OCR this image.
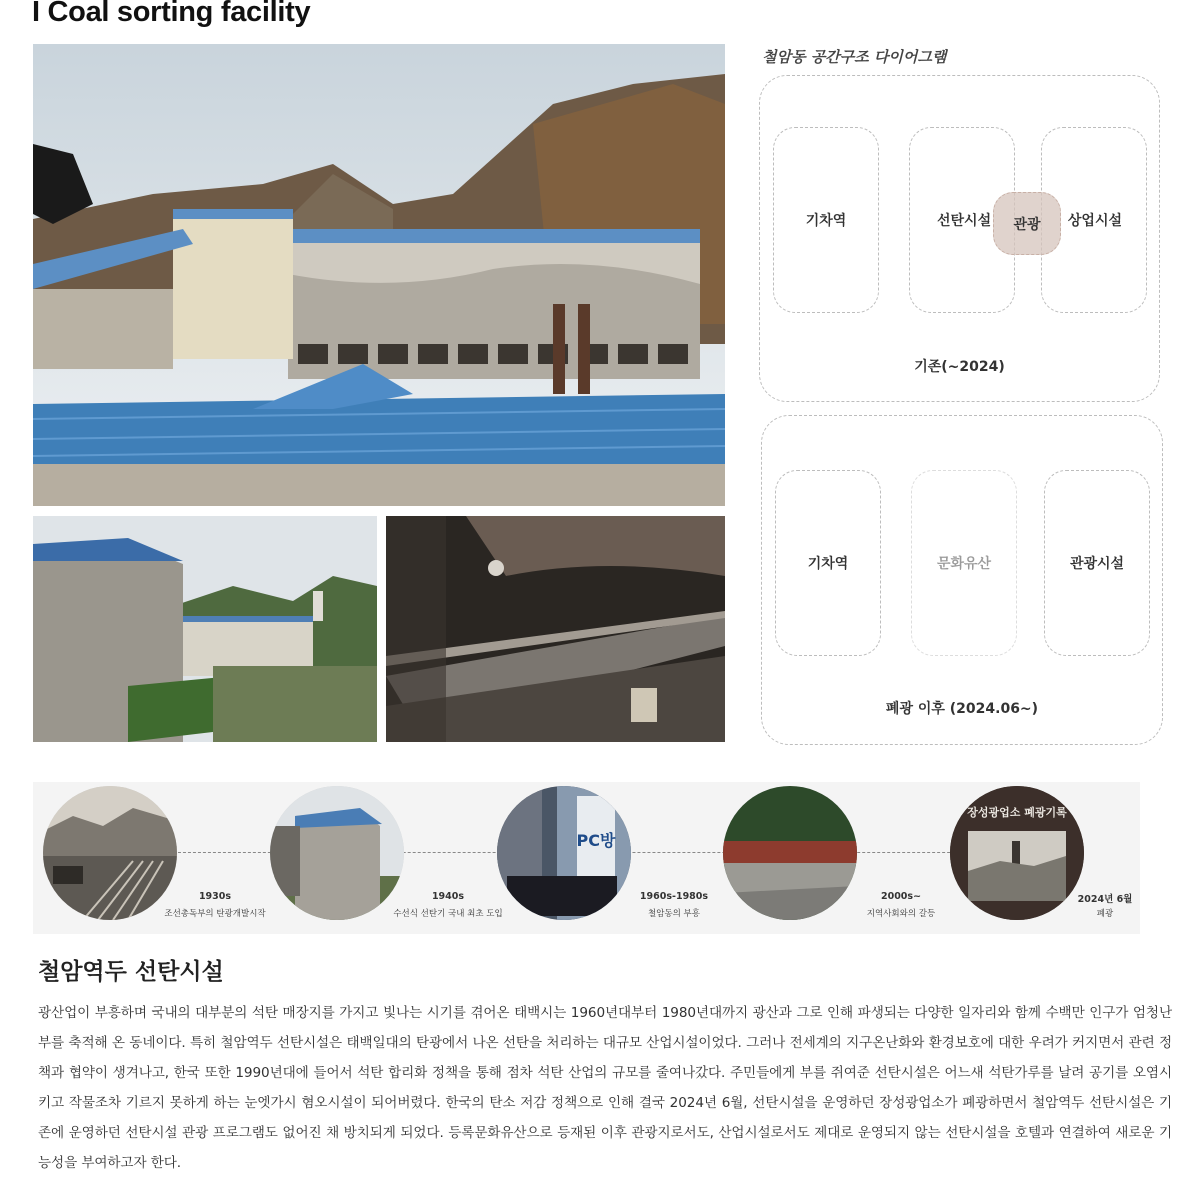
I Coal sorting facility
철암동 공간구조 다이어그램
기차역	선탄시설	상업시설
관광
기존(~2024)
기차역	문화유산	관광시설
폐광 이후 (2024.06~)
PC방
장성광업소 폐광기록
1930s
조선총독부의 탄광개발시작
1940s
수선식 선탄기 국내 최초 도입
1960s-1980s
철암동의 부흥
2000s~
지역사회와의 갈등
2024년 6월
폐광
철암역두 선탄시설
광산업이 부흥하며 국내의 대부분의 석탄 매장지를 가지고 빛나는 시기를 겪어온 태백시는 1960년대부터 1980년대까지 광산과 그로 인해 파생되는 다양한 일자리와 함께 수백만 인구가 엄청난 부를 축적해 온 동네이다. 특히 철암역두 선탄시설은 태백일대의 탄광에서 나온 선탄을 처리하는 대규모 산업시설이었다. 그러나 전세계의 지구온난화와 환경보호에 대한 우려가 커지면서 관련 정책과 협약이 생겨나고, 한국 또한 1990년대에 들어서 석탄 합리화 정책을 통해 점차 석탄 산업의 규모를 줄여나갔다. 주민들에게 부를 쥐여준 선탄시설은 어느새 석탄가루를 날려 공기를 오염시키고 작물조차 기르지 못하게 하는 눈엣가시 혐오시설이 되어버렸다. 한국의 탄소 저감 정책으로 인해 결국 2024년 6월, 선탄시설을 운영하던 장성광업소가 폐광하면서 철암역두 선탄시설은 기존에 운영하던 선탄시설 관광 프로그램도 없어진 채 방치되게 되었다. 등록문화유산으로 등재된 이후 관광지로서도, 산업시설로서도 제대로 운영되지 않는 선탄시설을 호텔과 연결하여 새로운 기능성을 부여하고자 한다.
